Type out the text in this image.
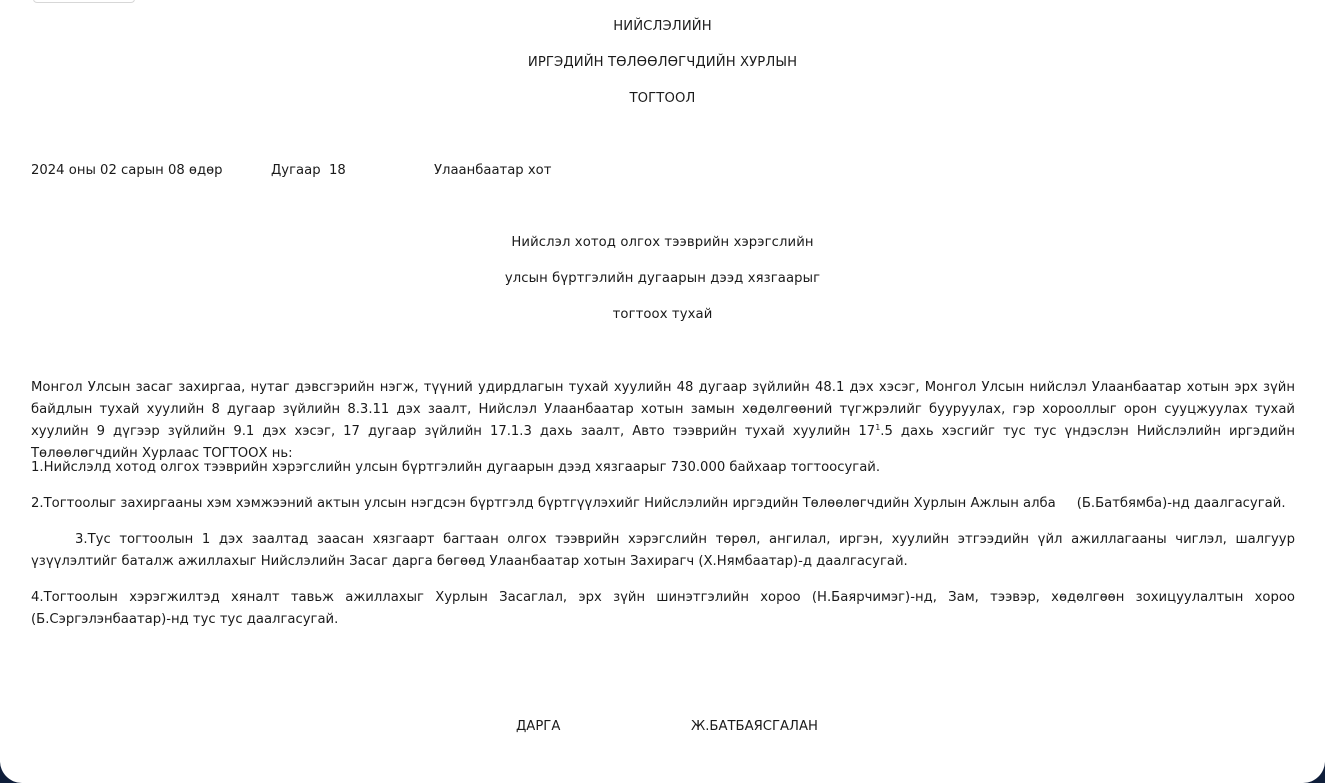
НИЙСЛЭЛИЙН
ИРГЭДИЙН ТӨЛӨӨЛӨГЧДИЙН ХУРЛЫН
ТОГТООЛ
2024 оны 02 сарын 08 өдөр	Дугаар  18	Улаанбаатар хот
Нийслэл хотод олгох тээврийн хэрэгслийн
улсын бүртгэлийн дугаарын дээд хязгаарыг
тогтоох тухай

Монгол Улсын засаг захиргаа, нутаг дэвсгэрийн нэгж, түүний удирдлагын тухай хуулийн 48 дугаар зүйлийн 48.1 дэх хэсэг, Монгол Улсын нийслэл Улаанбаатар хотын эрх зүйн байдлын тухай хуулийн 8 дугаар зүйлийн 8.3.11 дэх заалт, Нийслэл Улаанбаатар хотын замын хөдөлгөөний түгжрэлийг бууруулах, гэр хорооллыг орон сууцжуулах тухай хуулийн 9 дүгээр зүйлийн 9.1 дэх хэсэг, 17 дугаар зүйлийн 17.1.3 дахь заалт, Авто тээврийн тухай хуулийн $17^1.5$ дахь хэсгийг тус тус үндэслэн Нийслэлийн иргэдийн Төлөөлөгчдийн Хурлаас ТОГТООХ нь:

1.Нийслэлд хотод олгох тээврийн хэрэгслийн улсын бүртгэлийн дугаарын дээд хязгаарыг 730.000 байхаар тогтоосугай.

2.Тогтоолыг захиргааны хэм хэмжээний актын улсын нэгдсэн бүртгэлд бүртгүүлэхийг Нийслэлийн иргэдийн Төлөөлөгчдийн Хурлын Ажлын алба     (Б.Батбямба)-нд даалгасугай.

3.Тус тогтоолын 1 дэх заалтад заасан хязгаарт багтаан олгох тээврийн хэрэгслийн төрөл, ангилал, иргэн, хуулийн этгээдийн үйл ажиллагааны чиглэл, шалгуур үзүүлэлтийг баталж ажиллахыг Нийслэлийн Засаг дарга бөгөөд Улаанбаатар хотын Захирагч (Х.Нямбаатар)-д даалгасугай.

4.Тогтоолын хэрэгжилтэд хяналт тавьж ажиллахыг Хурлын Засаглал, эрх зүйн шинэтгэлийн хороо (Н.Баярчимэг)-нд, Зам, тээвэр, хөдөлгөөн зохицуулалтын хороо (Б.Сэргэлэнбаатар)-нд тус тус даалгасугай.

ДАРГА	Ж.БАТБАЯСГАЛАН
